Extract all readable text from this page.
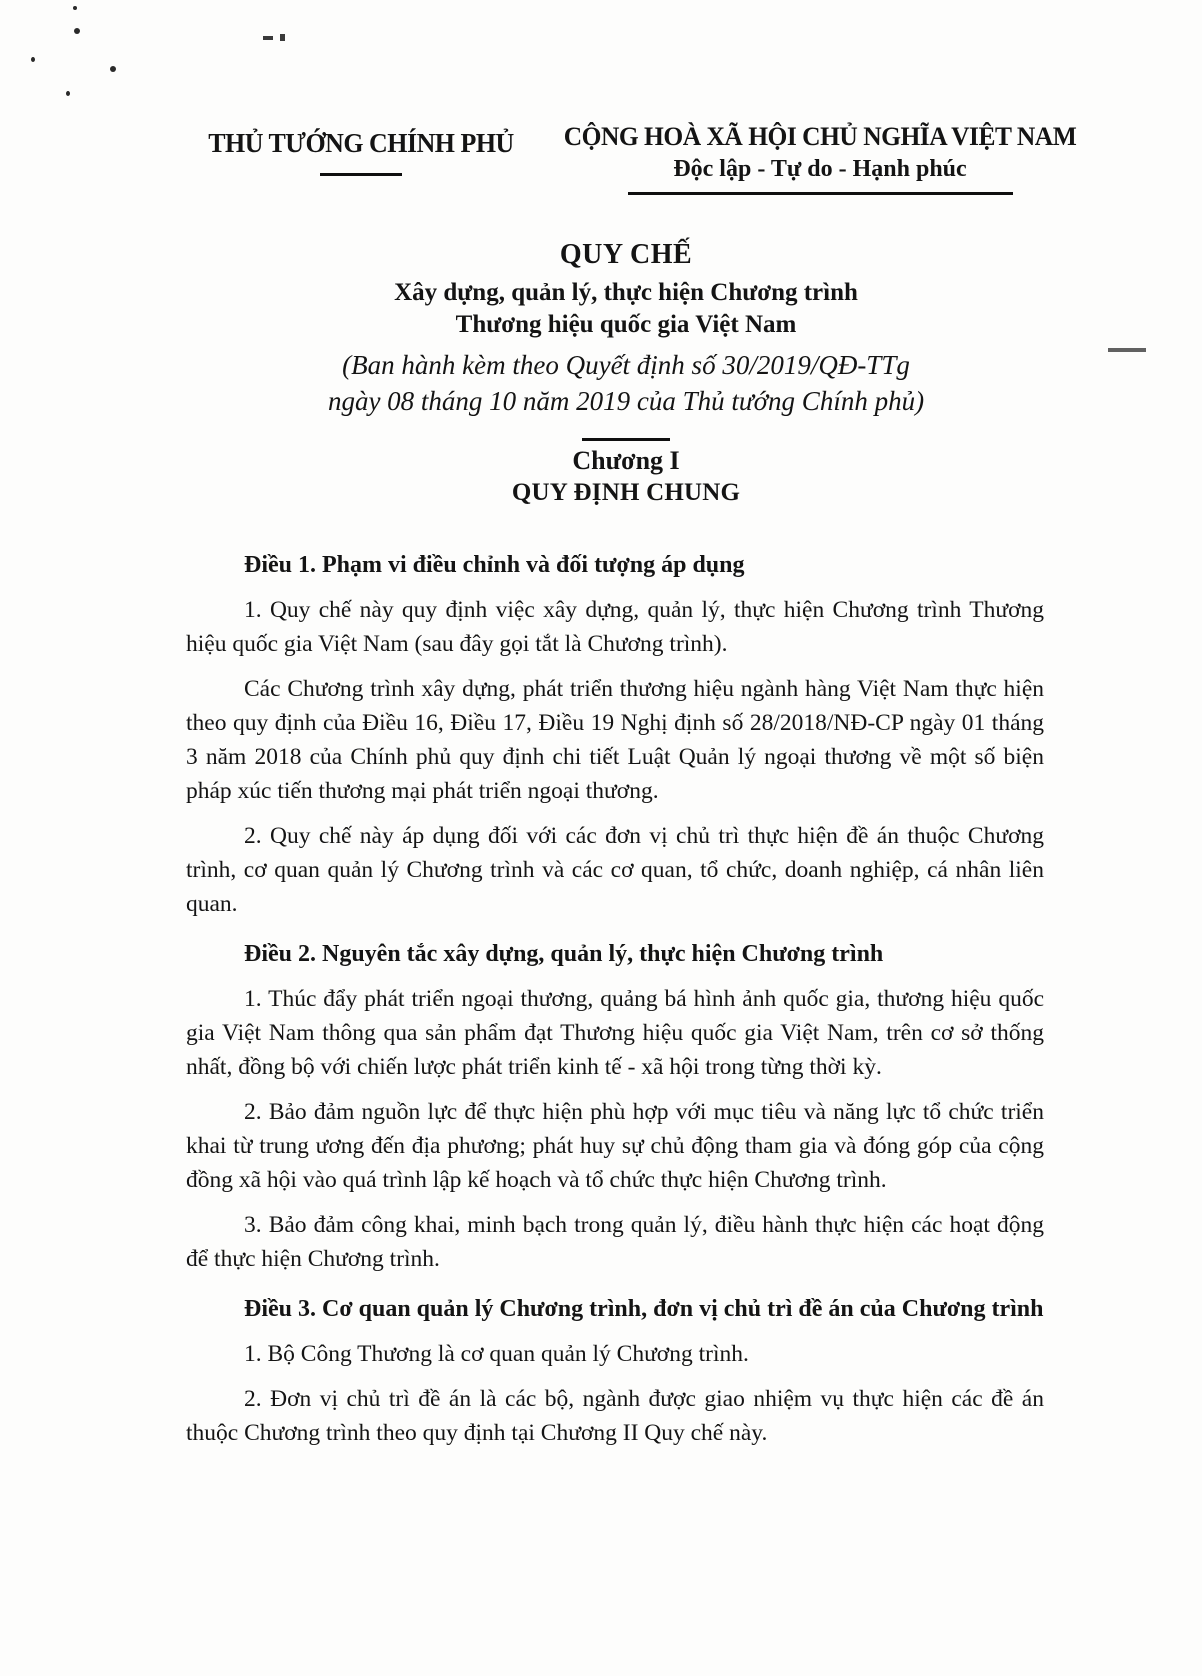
THỦ TƯỚNG CHÍNH PHỦ	CỘNG HOÀ XÃ HỘI CHỦ NGHĨA VIỆT NAM
Độc lập - Tự do - Hạnh phúc
QUY CHẾ
Xây dựng, quản lý, thực hiện Chương trình
Thương hiệu quốc gia Việt Nam
(Ban hành kèm theo Quyết định số 30/2019/QĐ-TTg
ngày 08 tháng 10 năm 2019 của Thủ tướng Chính phủ)
Chương I
QUY ĐỊNH CHUNG
Điều 1. Phạm vi điều chỉnh và đối tượng áp dụng

1. Quy chế này quy định việc xây dựng, quản lý, thực hiện Chương trình Thương hiệu quốc gia Việt Nam (sau đây gọi tắt là Chương trình).

Các Chương trình xây dựng, phát triển thương hiệu ngành hàng Việt Nam thực hiện theo quy định của Điều 16, Điều 17, Điều 19 Nghị định số 28/2018/NĐ-CP ngày 01 tháng 3 năm 2018 của Chính phủ quy định chi tiết Luật Quản lý ngoại thương về một số biện pháp xúc tiến thương mại phát triển ngoại thương.

2. Quy chế này áp dụng đối với các đơn vị chủ trì thực hiện đề án thuộc Chương trình, cơ quan quản lý Chương trình và các cơ quan, tổ chức, doanh nghiệp, cá nhân liên quan.

Điều 2. Nguyên tắc xây dựng, quản lý, thực hiện Chương trình

1. Thúc đẩy phát triển ngoại thương, quảng bá hình ảnh quốc gia, thương hiệu quốc gia Việt Nam thông qua sản phẩm đạt Thương hiệu quốc gia Việt Nam, trên cơ sở thống nhất, đồng bộ với chiến lược phát triển kinh tế - xã hội trong từng thời kỳ.

2. Bảo đảm nguồn lực để thực hiện phù hợp với mục tiêu và năng lực tổ chức triển khai từ trung ương đến địa phương; phát huy sự chủ động tham gia và đóng góp của cộng đồng xã hội vào quá trình lập kế hoạch và tổ chức thực hiện Chương trình.

3. Bảo đảm công khai, minh bạch trong quản lý, điều hành thực hiện các hoạt động để thực hiện Chương trình.

Điều 3. Cơ quan quản lý Chương trình, đơn vị chủ trì đề án của Chương trình

1. Bộ Công Thương là cơ quan quản lý Chương trình.

2. Đơn vị chủ trì đề án là các bộ, ngành được giao nhiệm vụ thực hiện các đề án thuộc Chương trình theo quy định tại Chương II Quy chế này.
